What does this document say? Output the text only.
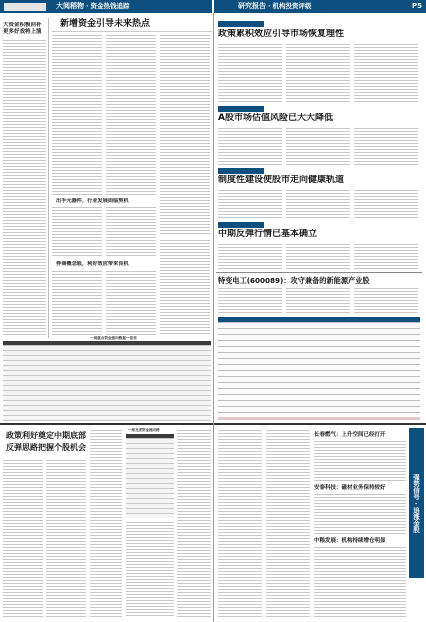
大阅稻物 · 资金热钱追踪	研究报告 · 机构投资评级	P5
大资金积极回补更多好戏将上演
新增资金引导未来热点
出手元器件，行业发展面临契机
券商概念股，利好效应带来良机
一周重点资金流向数据一览表
政策利好奠定中期底部
反弹思路把握个股机会
一周龙虎资金流向榜
政策累积效应引导市场恢复理性
A股市场估值风险已大大降低
制度性建设使股市走向健康轨道
中期反弹行情已基本确立
特变电工(600089)：攻守兼备的新能源产业股
长春燃气：上升空间已经打开
安泰科技：磁材业务保持较好
中粮发展：机构持续增仓明显
强势信号 · 追涨金股
